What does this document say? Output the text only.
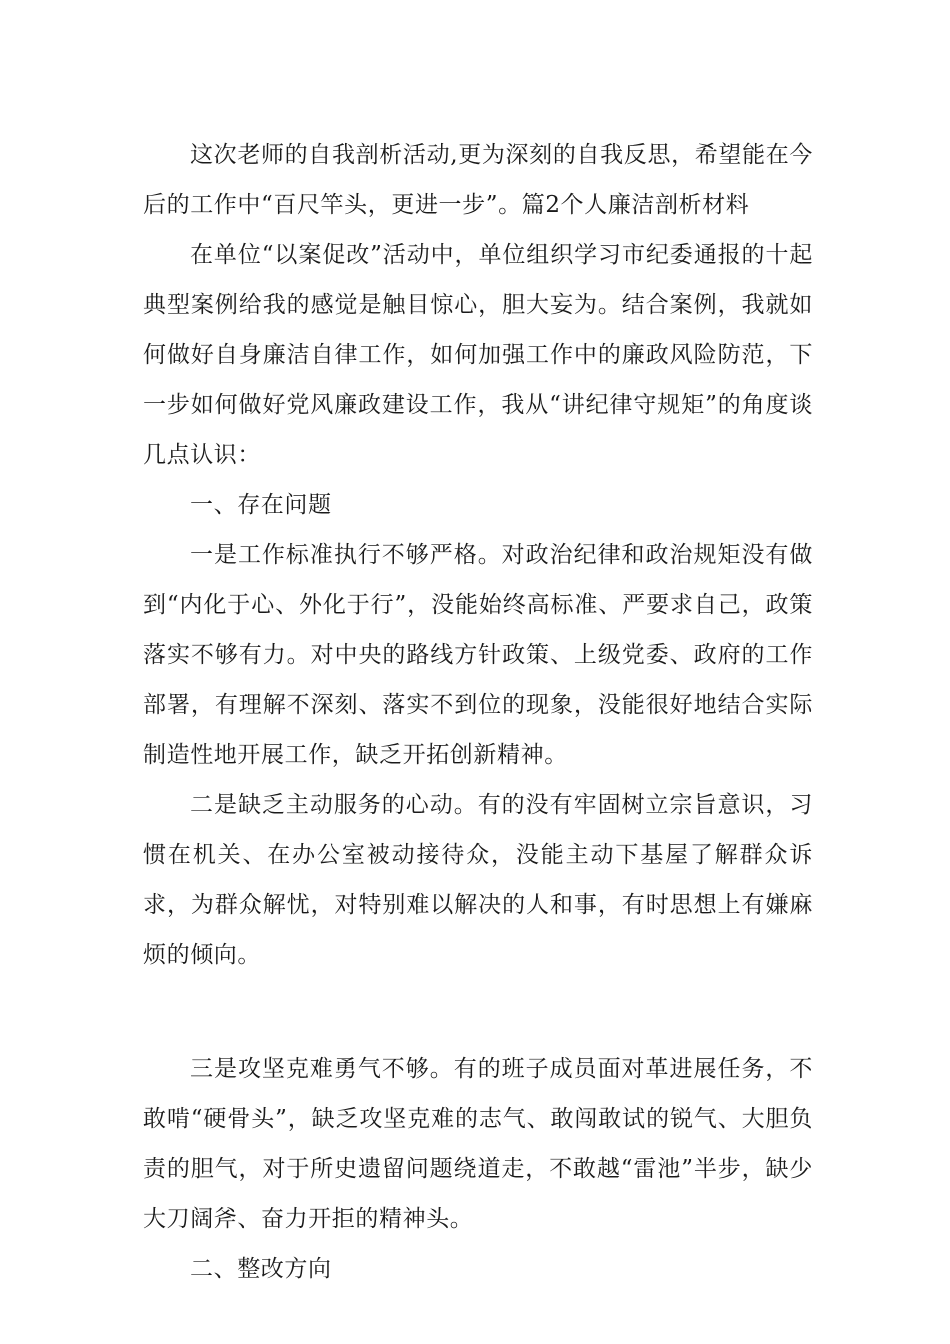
这次老师的自我剖析活动,更为深刻的自我反思，希望能在今后的工作中“百尺竿头，更进一步”。篇2个人廉洁剖析材料

在单位“以案促改”活动中，单位组织学习市纪委通报的十起典型案例给我的感觉是触目惊心，胆大妄为。结合案例，我就如何做好自身廉洁自律工作，如何加强工作中的廉政风险防范，下一步如何做好党风廉政建设工作，我从“讲纪律守规矩”的角度谈几点认识：

一、存在问题

一是工作标准执行不够严格。对政治纪律和政治规矩没有做到“内化于心、外化于行”，没能始终高标准、严要求自己，政策落实不够有力。对中央的路线方针政策、上级党委、政府的工作部署，有理解不深刻、落实不到位的现象，没能很好地结合实际制造性地开展工作，缺乏开拓创新精神。

二是缺乏主动服务的心动。有的没有牢固树立宗旨意识，习惯在机关、在办公室被动接待众，没能主动下基屋了解群众诉求，为群众解忧，对特别难以解决的人和事，有时思想上有嫌麻烦的倾向。

三是攻坚克难勇气不够。有的班子成员面对革进展任务，不敢啃“硬骨头”，缺乏攻坚克难的志气、敢闯敢试的锐气、大胆负责的胆气，对于所史遗留问题绕道走，不敢越“雷池”半步，缺少大刀阔斧、奋力开拒的精神头。

二、整改方向
